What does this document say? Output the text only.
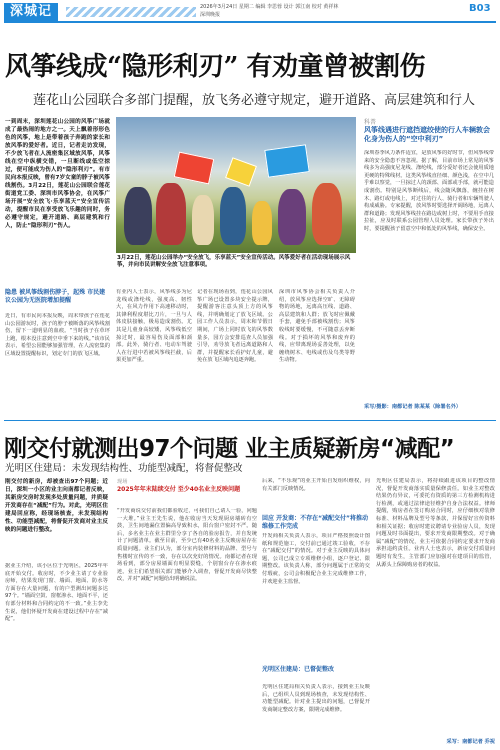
深城记	2026年3月24日 星期二 编辑 李思蓉 设计 郭江南 校对 黄祥林
深圳晚报
B03
风筝线成“隐形利刃” 有劝童曾被割伤
莲花山公园联合多部门提醒，放飞务必遵守规定，避开道路、高层建筑和行人
一到周末，深圳莲花山公园的风筝广场就成了最热闹的地方之一。天上飘着形形色色的风筝，地上是带着孩子奔跑的家长和放风筝的爱好者。近日，记者走访发现，不少放飞者在人流密集区域放风筝，风筝线在空中纵横交错，一旦断线或低空掠过，便可能成为伤人的“隐形利刃”。有市民向本报反映，曾有7岁女童的脖子被风筝线割伤。3月22日，莲花山公园联合莲花街道党工委、深圳市风筝协会，在风筝广场开展“安全放飞·乐享蓝天”安全宣传活动，提醒市民在享受放飞乐趣的同时，务必遵守规定，避开道路、高层建筑和行人，防止“隐形利刃”伤人。
3月22日，莲花山公园举办“安全放飞，乐享蓝天”安全宣传活动。风筝爱好者在活动现场展示风筝，并向市民讲解安全放飞注意事项。
科普
风筝线遇进行遮挡遮绞使的行人车辆敦会化身为伤人的“空中利刃”
深圳春季风力条件适宜，是放风筝的好时节，但风筝线带来的安全隐患不容忽视。据了解，目前市场上常见的风筝线多为高强度尼龙线、涤纶线，部分爱好者还会使用质地更硬的特殊线材。这类风筝线直径细、颜色浅，在空中几乎难以察觉，一旦掠过人的颈部、面部或手部，就可能造成割伤。特别是风筝断线后，线会随风飘落，缠挂在树木、路灯或电线上，对过往的行人、骑行者和车辆驾驶人构成威胁。专家提醒，放风筝时要选择开阔场地，远离人群和道路；发现风筝线挂在路边或树上时，不要用手直接拉扯，应及时联系公园管理人员处理。家长带孩子外出时，要提醒孩子留意空中和低处的风筝线，确保安全。
采写/摄影：南都记者 陈某某（除署名外）
隐患 被风筝线割伤脖子，起殊 市民建议公园为无医院增加提醒
近日，有市民向本报反映，周末带孩子在莲花山公园游玩时，孩子的脖子被断落的风筝线割伤，留下一道明显的血痕。“当时孩子在草坪上跑，根本没注意到空中垂下来的线。”该市民表示，希望公园能够加强管理，在人流密集的区域设置提醒标识，划定专门的放飞区域。
有业内人士表示，风筝线多为尼龙线或涤纶线，强度高、韧性大，在风力作用下高速移动时，其锋利程度堪比刀片，一旦与人体皮肤接触，极易造成割伤。尤其是儿童身高较矮，风筝线低空掠过时，最容易伤及面部和颈部。此外，骑行者、电动车驾驶人在行进中若被风筝线拦截，后果更加严重。
记者在现场看到，莲花山公园风筝广场已设置多块安全提示牌，提醒游客注意头顶上方的风筝线，并明确划定了放飞区域。公园工作人员表示，周末和节假日期间，广场上同时放飞的风筝数量多，园方会安排巡查人员加强引导，劝导放飞者远离道路和人群，并提醒家长看护好儿童，避免在放飞区域内追逐奔跑。
深圳市风筝协会相关负责人介绍，放风筝应选择空旷、无障碍物的场地，远离高压线、道路、高层建筑和人群；放飞时应佩戴手套，避免手部被线割伤；风筝收线时要缓慢，不可随意丢弃断线。对于损坏的风筝和废弃的线，应带离现场妥善处理，以免缠绕树木、电线或伤及鸟类等野生动物。
刚交付就测出97个问题 业主质疑新房“减配”
光明区住建局：未发现结构性、功能型减配，将督促整改
刚交付的新房，却被查出97个问题；近日，深圳一小区的业主向南都记者反映，其新房交房时发现多处质量问题，并质疑开发商存在“减配”行为。对此，光明区住建局回应称，经现场核查，未发现结构性、功能型减配，将督促开发商对业主反映的问题进行整改。
据业主介绍，该小区位于光明区，2025年年底开始交付。收房时，不少业主请了专业验房师，结果发现门窗、墙面、地面、防水等方面存在大量问题，有的户型测出问题多达97个。“墙面空鼓、窗框渗水、地面不平，还有部分材料和合同约定的不一致。”业主李先生说，他们怀疑开发商在建设过程中存在“减配”。
现场
2025年年末陆续交付 至少40名业主反映问题
“开发商说交付前我们都验收过，可我们自己请人一验，问题一大堆。”业主王先生说，他在收房当天发现厨房墙砖有空鼓，卫生间地漏位置偏高导致积水，阳台窗户密封不严。随后，多名业主在业主群里分享了各自的验房报告，并自发统计了问题清单。截至目前，至少已有40名业主反映房屋存在质量问题。业主们认为，部分室内装修材料的品牌、型号与售楼时宣传的不一致，存在以次充好的情况。南都记者在现场看到，部分房屋墙面有明显裂缝，个别窗台存在渗水痕迹。业主们希望相关部门能够介入调查，督促开发商尽快整改，并对“减配”问题给出明确说法。
后来，“不乐观”的业主开始自发组织维权，向有关部门反映情况。
回应 开发商：不存在“减配交付”将推动维修工作完成
开发商相关负责人表示，项目严格按照设计图纸和规范施工，交付前已通过竣工验收，不存在“减配交付”的情况。对于业主反映的具体问题，公司已成立专项维修小组，逐户登记、限期整改。该负责人称，部分问题属于正常的交付瑕疵，公司会积极配合业主完成维修工作，并欢迎业主监督。
光明区住建局：已督促整改
光明区住建局相关负责人表示，接到业主反映后，已组织人员到现场核查，未发现结构性、功能型减配。针对业主提出的问题，已督促开发商制定整改方案，限期完成维修。
光明区住建局表示，将持续跟进该项目的整改情况，督促开发商落实质量保修责任。如业主对整改结果仍有异议，可委托有资质的第三方检测机构进行检测，或通过法律途径维护自身合法权益。律师提醒，购房者在签订购房合同时，应仔细核对装修标准、材料品牌及型号等条款，并保留好宣传资料和相关证据；收房时建议聘请专业验房人员，发现问题及时书面提出，要求开发商限期整改。对于确属“减配”的情况，业主可依据合同约定要求开发商承担违约责任。业内人士也表示，新房交付质量问题时有发生，主管部门应加强对在建项目的监管，从源头上保障购房者的权益。
采写：南都记者 乔祝
